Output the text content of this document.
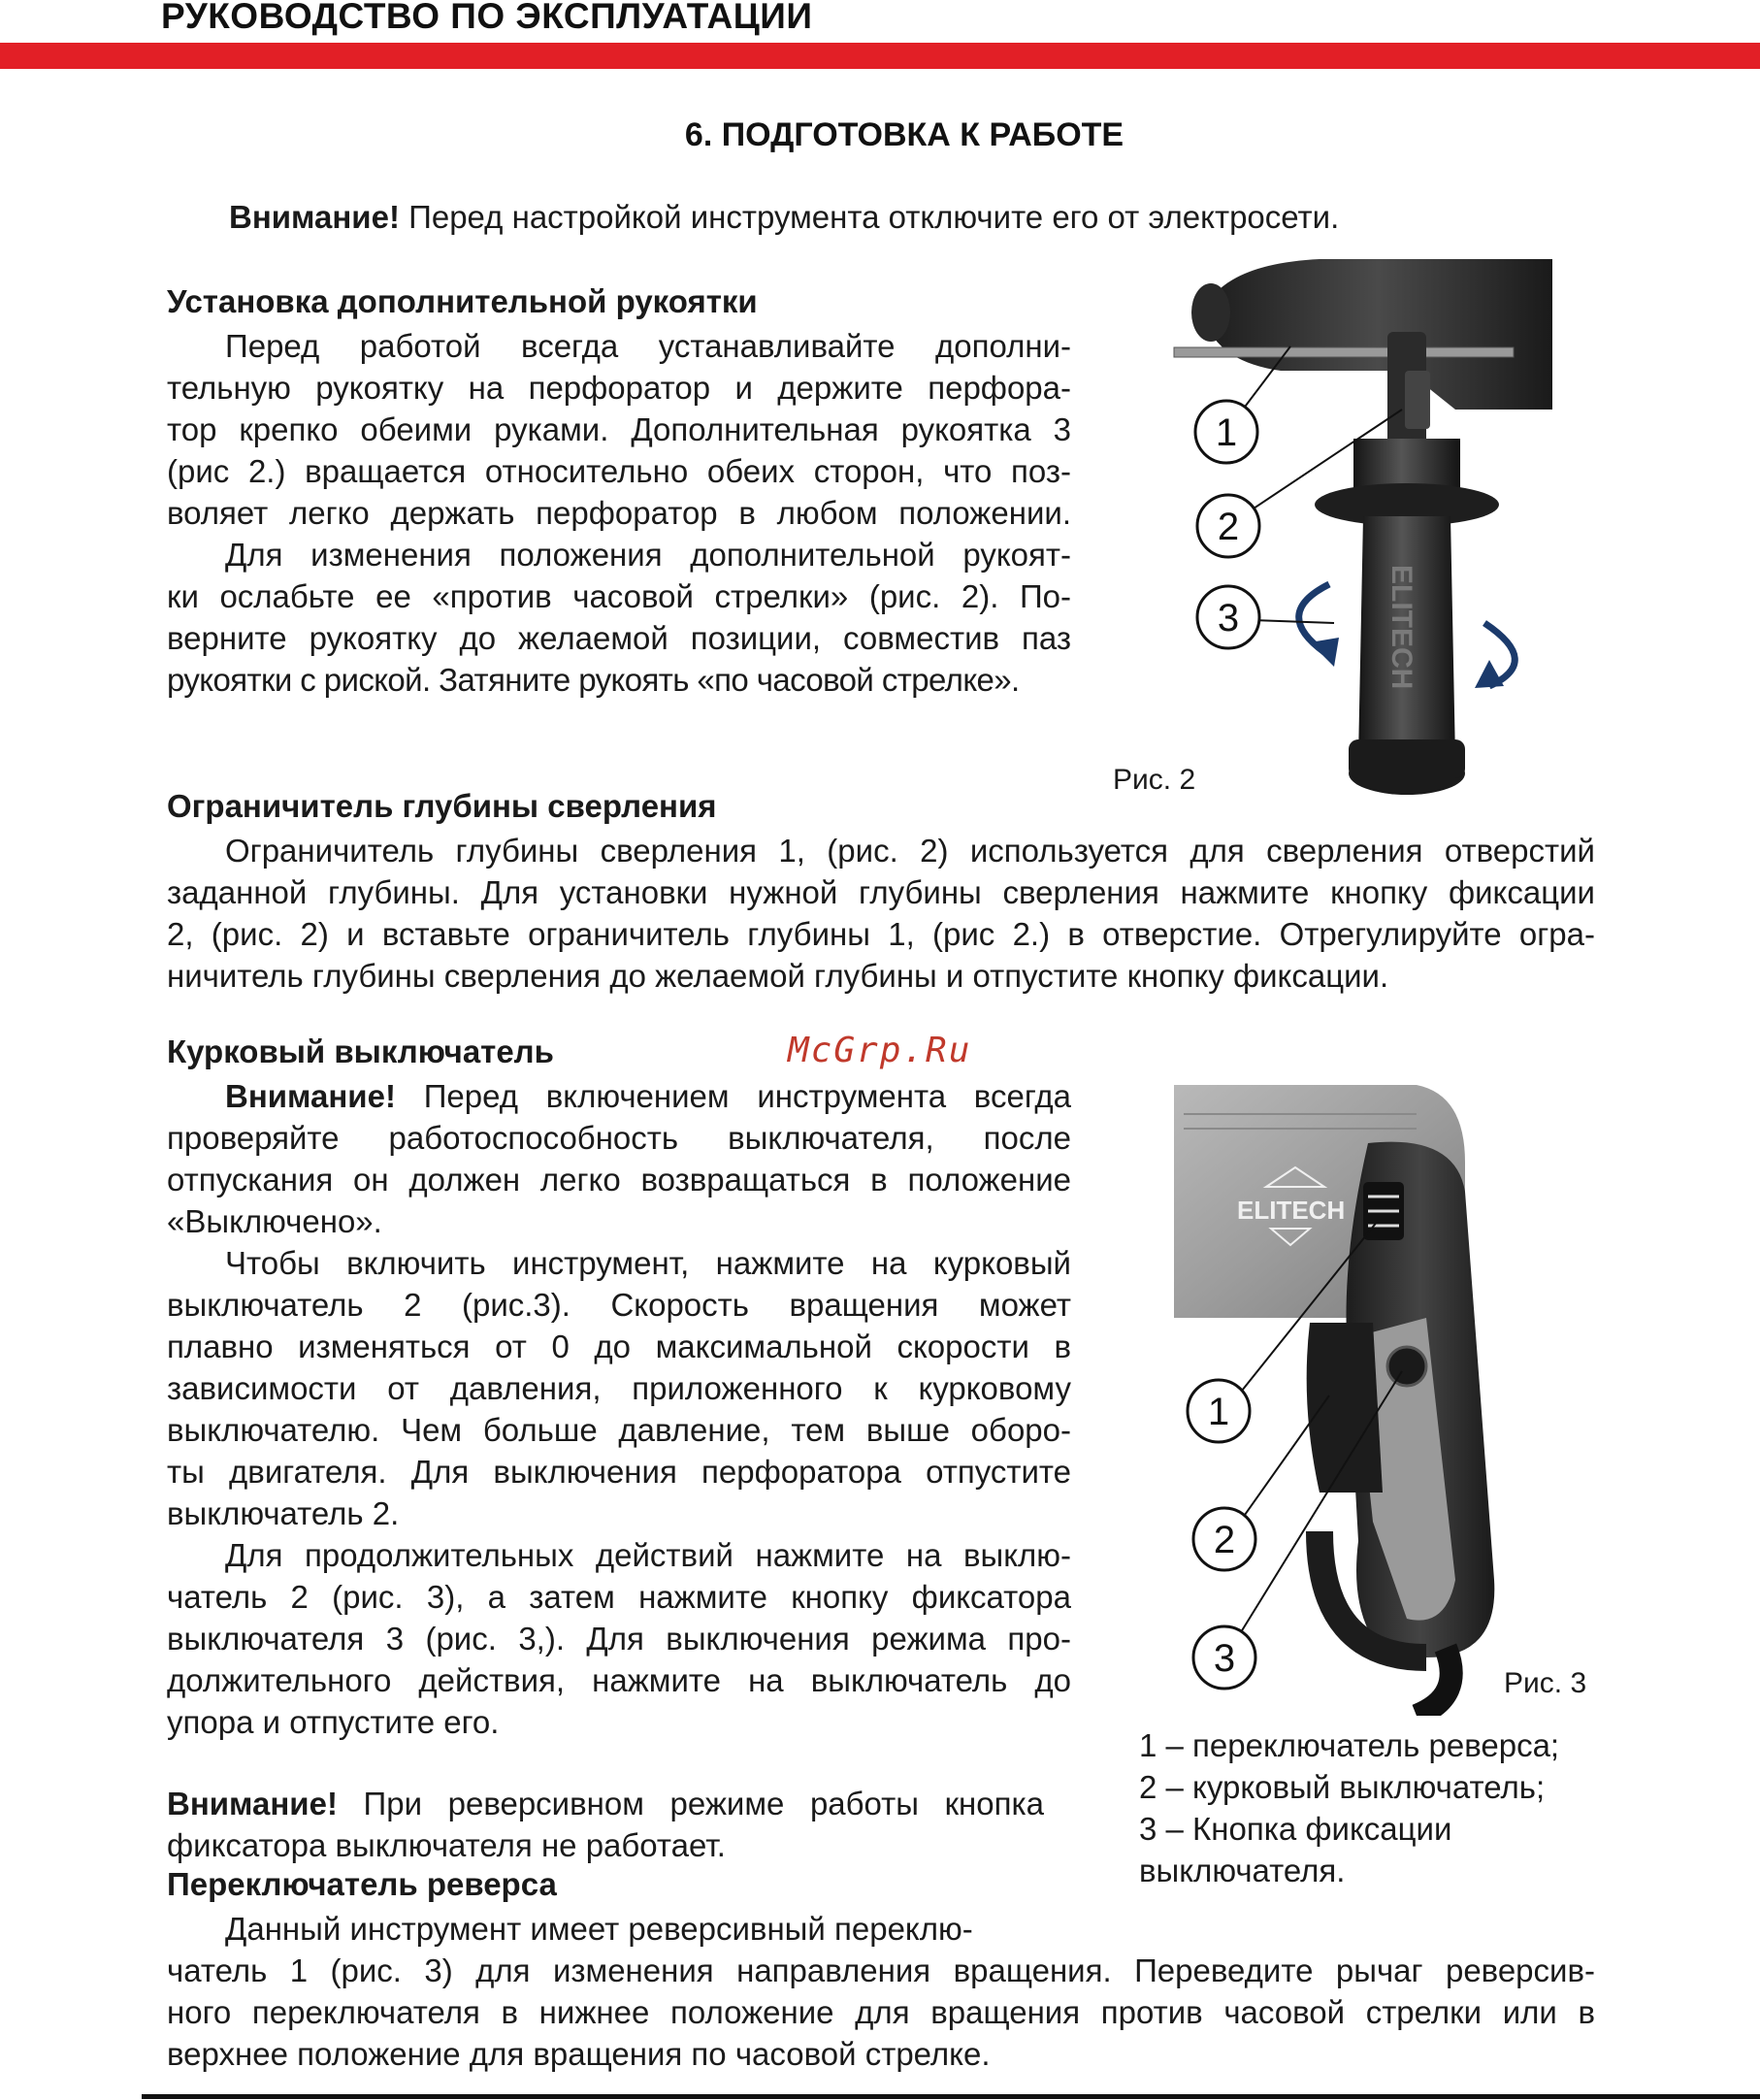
РУКОВОДСТВО ПО ЭКСПЛУАТАЦИИ
6. ПОДГОТОВКА К РАБОТЕ
Внимание! Перед настройкой инструмента отключите его от электросети.
Установка дополнительной рукоятки
Перед работой всегда устанавливайте дополни-
тельную рукоятку на перфоратор и держите перфора-
тор крепко обеими руками. Дополнительная рукоятка 3
(рис 2.) вращается относительно обеих сторон, что поз-
воляет легко держать перфоратор в любом положении.
Для изменения положения дополнительной рукоят-
ки ослабьте ее «против часовой стрелки» (рис. 2). По-
верните рукоятку до желаемой позиции, совместив паз
рукоятки с риской. Затяните рукоять «по часовой стрелке».	ELITECH
1
2
3
Рис. 2
Ограничитель глубины сверления
Ограничитель глубины сверления 1, (рис. 2) используется для сверления отверстий
заданной глубины. Для установки нужной глубины сверления нажмите кнопку фиксации
2, (рис. 2) и вставьте ограничитель глубины 1, (рис 2.) в отверстие. Отрегулируйте огра-
ничитель глубины сверления до желаемой глубины и отпустите кнопку фиксации.
McGrp.Ru
Курковый выключатель
Внимание! Перед включением инструмента всегда
проверяйте работоспособность выключателя, после
отпускания он должен легко возвращаться в положение
«Выключено».
Чтобы включить инструмент, нажмите на курковый
выключатель 2 (рис.3). Скорость вращения может
плавно изменяться от 0 до максимальной скорости в
зависимости от давления, приложенного к курковому
выключателю. Чем больше давление, тем выше оборо-
ты двигателя. Для выключения перфоратора отпустите
выключатель 2.
Для продолжительных действий нажмите на выклю-
чатель 2 (рис. 3), а затем нажмите кнопку фиксатора
выключателя 3 (рис. 3,). Для выключения режима про-
должительного действия, нажмите на выключатель до
упора и отпустите его.
ELITECH
1
2
3
Рис. 3
1 – переключатель реверса;
2 – курковый выключатель;
3 – Кнопка фиксации
выключателя.
Внимание! При реверсивном режиме работы кнопка
фиксатора выключателя не работает.
Переключатель реверса
Данный инструмент имеет реверсивный переклю-
чатель 1 (рис. 3) для изменения направления вращения. Переведите рычаг реверсив-
ного переключателя в нижнее положение для вращения против часовой стрелки или в
верхнее положение для вращения по часовой стрелке.
